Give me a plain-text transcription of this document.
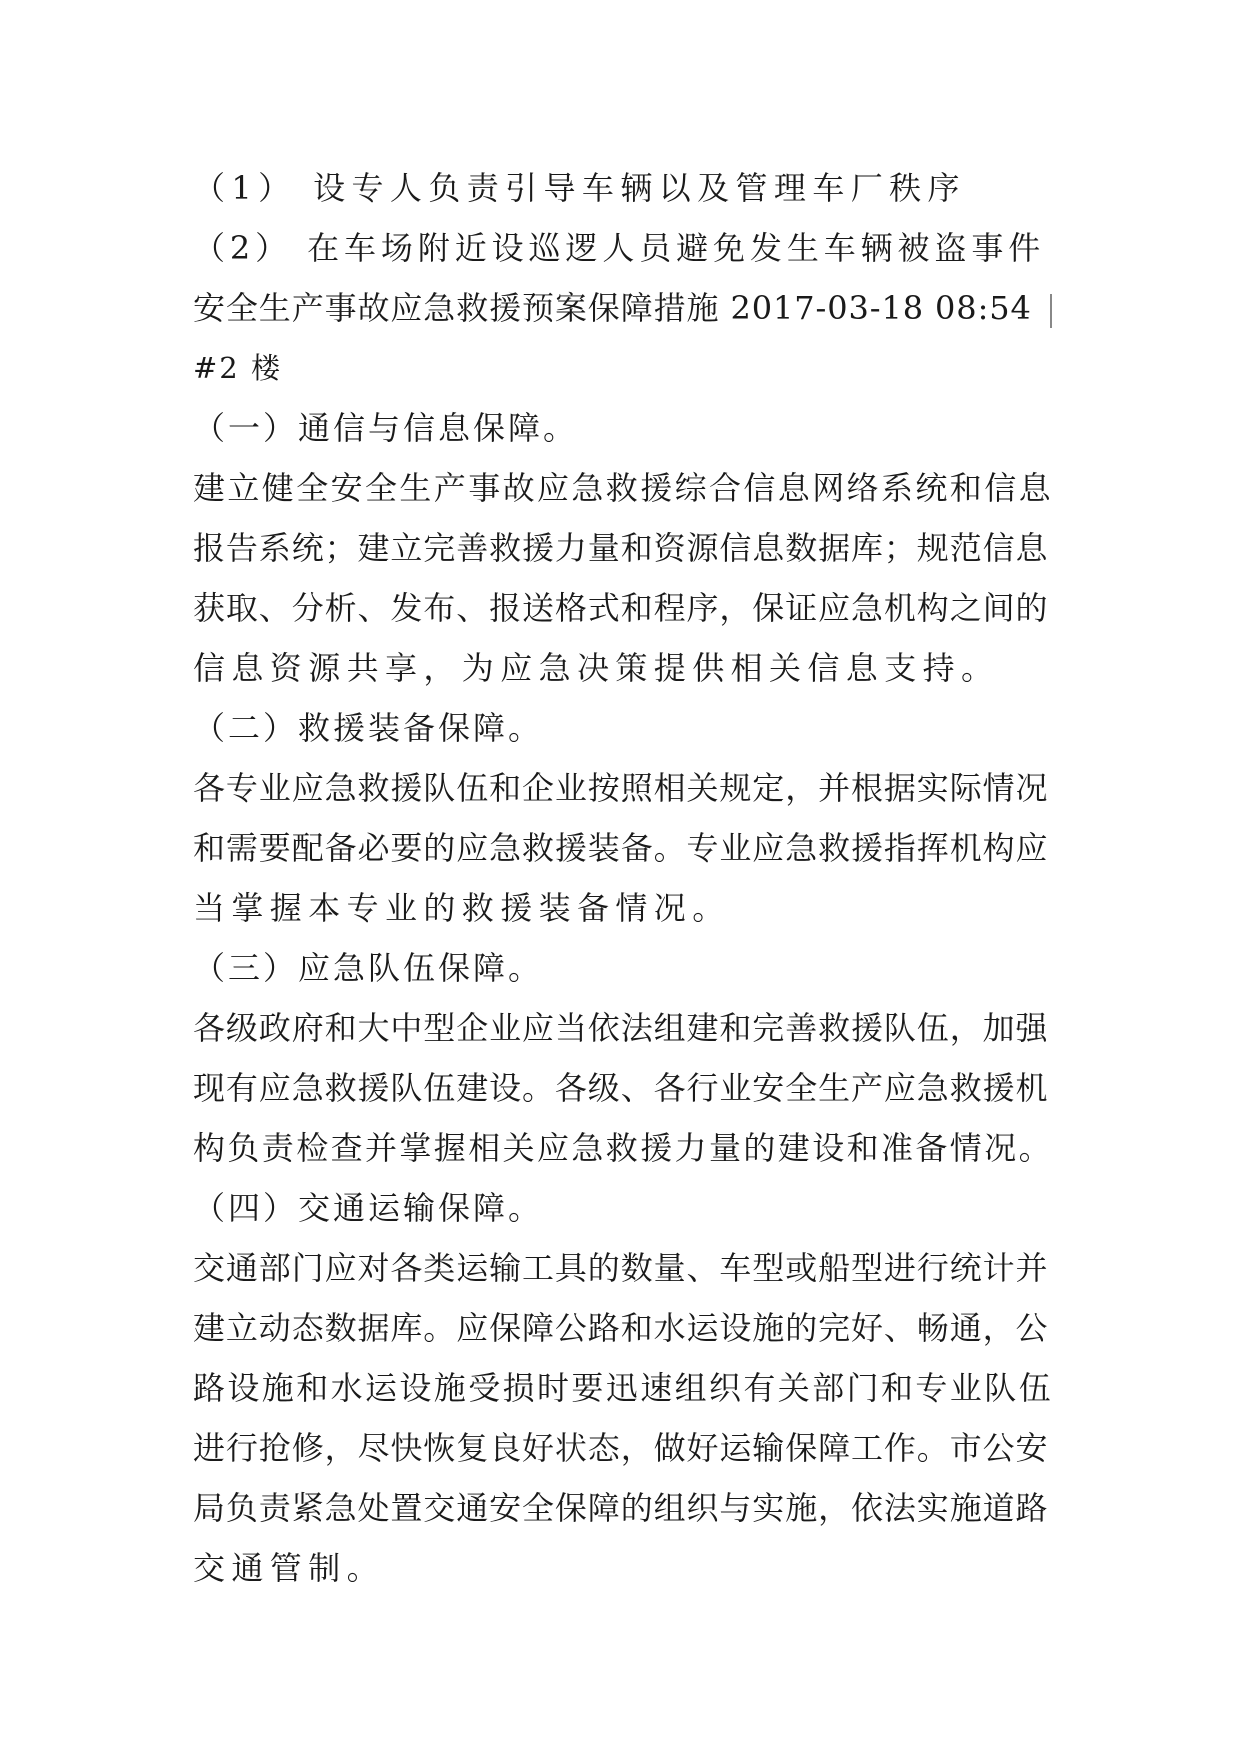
（1） 设专人负责引导车辆以及管理车厂秩序
（2） 在车场附近设巡逻人员避免发生车辆被盗事件
安全生产事故应急救援预案保障措施 2017-03-18 08:54
#2 楼
（一）通信与信息保障。
建立健全安全生产事故应急救援综合信息网络系统和信息
报告系统；建立完善救援力量和资源信息数据库；规范信息
获取、分析、发布、报送格式和程序，保证应急机构之间的
信息资源共享，为应急决策提供相关信息支持。
（二）救援装备保障。
各专业应急救援队伍和企业按照相关规定，并根据实际情况
和需要配备必要的应急救援装备。专业应急救援指挥机构应
当掌握本专业的救援装备情况。
（三）应急队伍保障。
各级政府和大中型企业应当依法组建和完善救援队伍，加强
现有应急救援队伍建设。各级、各行业安全生产应急救援机
构负责检查并掌握相关应急救援力量的建设和准备情况。
（四）交通运输保障。
交通部门应对各类运输工具的数量、车型或船型进行统计并
建立动态数据库。应保障公路和水运设施的完好、畅通，公
路设施和水运设施受损时要迅速组织有关部门和专业队伍
进行抢修，尽快恢复良好状态，做好运输保障工作。市公安
局负责紧急处置交通安全保障的组织与实施，依法实施道路
交通管制。
